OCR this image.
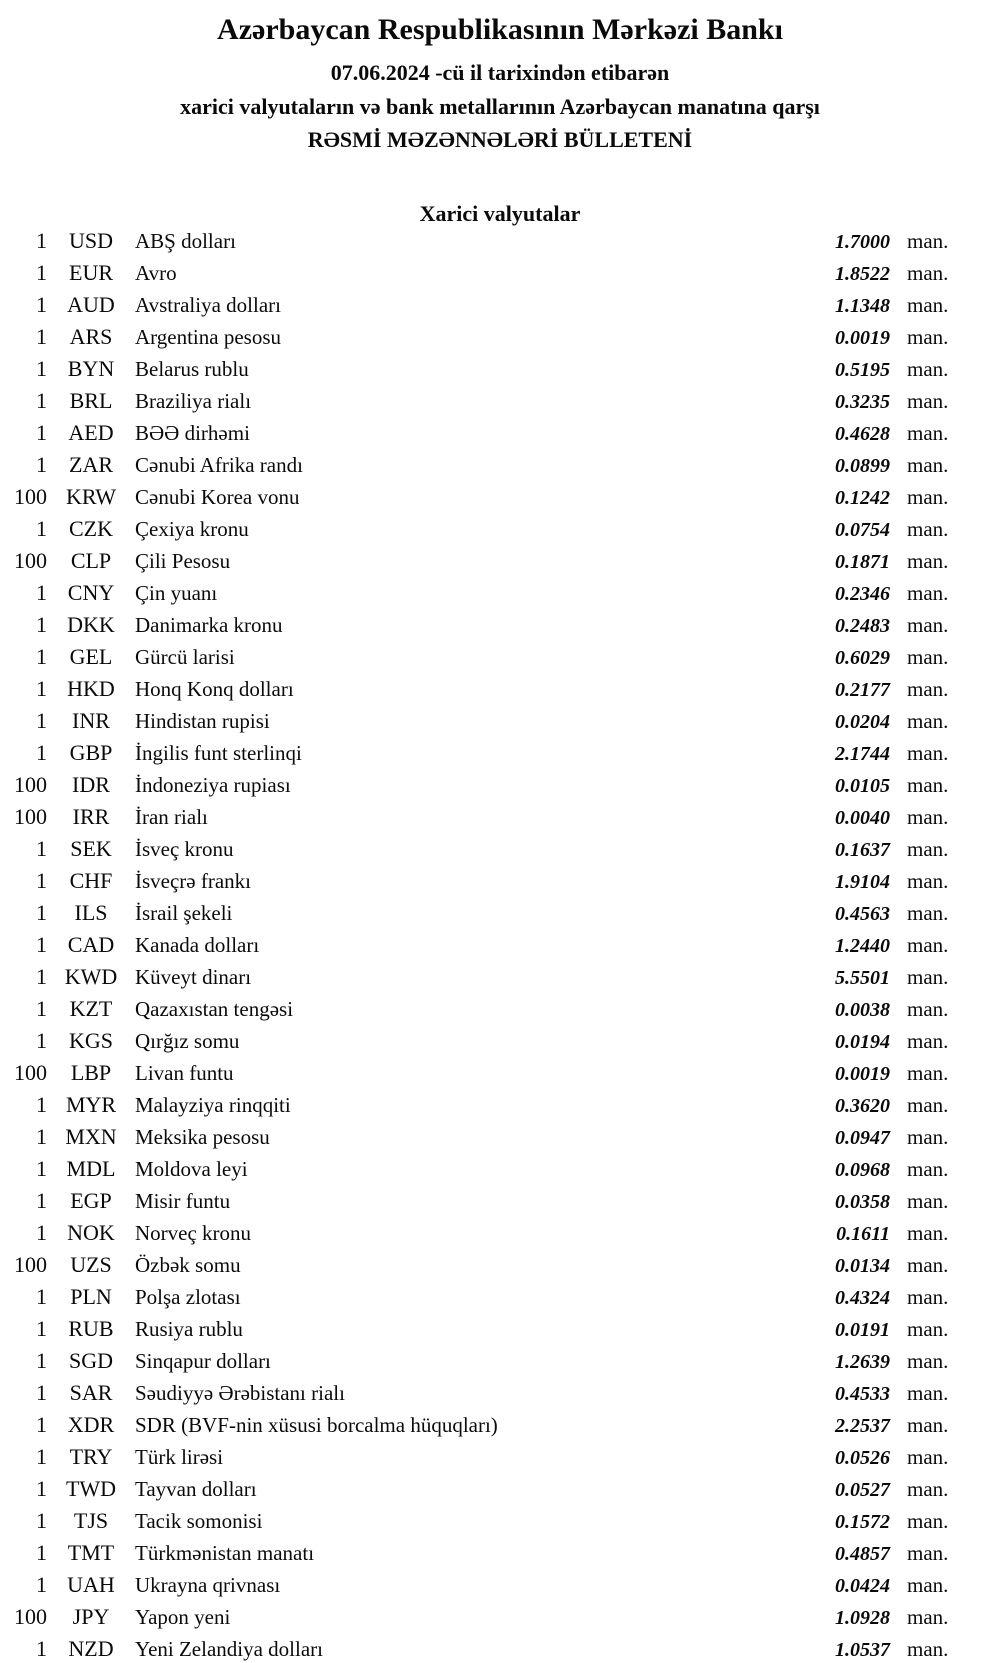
Azərbaycan Respublikasının Mərkəzi Bankı
07.06.2024 -cü il tarixindən etibarən
xarici valyutaların və bank metallarının Azərbaycan manatına qarşı
RƏSMİ MƏZƏNNƏLƏRİ BÜLLETENİ
Xarici valyutalar
1 USD	ABŞ dolları	1.7000 man.
1	EUR	Avro	1.8522 man.
1 AUD Avstraliya dolları	1.1348 man.
1	ARS	Argentina pesosu	0.0019 man.
1 BYN Belarus rublu	0.5195 man.
1	BRL	Braziliya rialı	0.3235 man.
1 AED	BƏƏ dirhəmi	0.4628 man.
1	ZAR	Cənubi Afrika randı	0.0899 man.
100 KRW Cənubi Korea vonu	0.1242 man.
1	CZK	Çexiya kronu	0.0754 man.
100	CLP	Çili Pesosu	0.1871 man.
1 CNY Çin yuanı	0.2346 man.
1 DKK Danimarka kronu	0.2483 man.
1	GEL	Gürcü larisi	0.6029 man.
1 HKD Honq Konq dolları	0.2177 man.
1	INR	Hindistan rupisi	0.0204 man.
1	GBP	İngilis funt sterlinqi	2.1744 man.
100	IDR	İndoneziya rupiası	0.0105 man.
100	IRR	İran rialı	0.0040 man.
1	SEK	İsveç kronu	0.1637 man.
1	CHF	İsveçrə frankı	1.9104 man.
1	ILS	İsrail şekeli	0.4563 man.
1 CAD Kanada dolları	1.2440 man.
1 KWD Küveyt dinarı	5.5501 man.
1	KZT	Qazaxıstan tengəsi	0.0038 man.
1 KGS	Qırğız somu	0.0194 man.
100	LBP	Livan funtu	0.0019 man.
1 MYR Malayziya rinqqiti	0.3620 man.
1 MXN Meksika pesosu	0.0947 man.
1 MDL Moldova leyi	0.0968 man.
1	EGP	Misir funtu	0.0358 man.
1 NOK Norveç kronu	0.1611 man.
100	UZS	Özbək somu	0.0134 man.
1	PLN	Polşa zlotası	0.4324 man.
1 RUB	Rusiya rublu	0.0191 man.
1 SGD	Sinqapur dolları	1.2639 man.
1	SAR	Səudiyyə Ərəbistanı rialı	0.4533 man.
1 XDR SDR (BVF-nin xüsusi borcalma hüquqları)	2.2537 man.
1	TRY	Türk lirəsi	0.0526 man.
1 TWD Tayvan dolları	0.0527 man.
1	TJS	Tacik somonisi	0.1572 man.
1 TMT Türkmənistan manatı	0.4857 man.
1 UAH Ukrayna qrivnası	0.0424 man.
100	JPY	Yapon yeni	1.0928 man.
1 NZD	Yeni Zelandiya dolları	1.0537 man.
